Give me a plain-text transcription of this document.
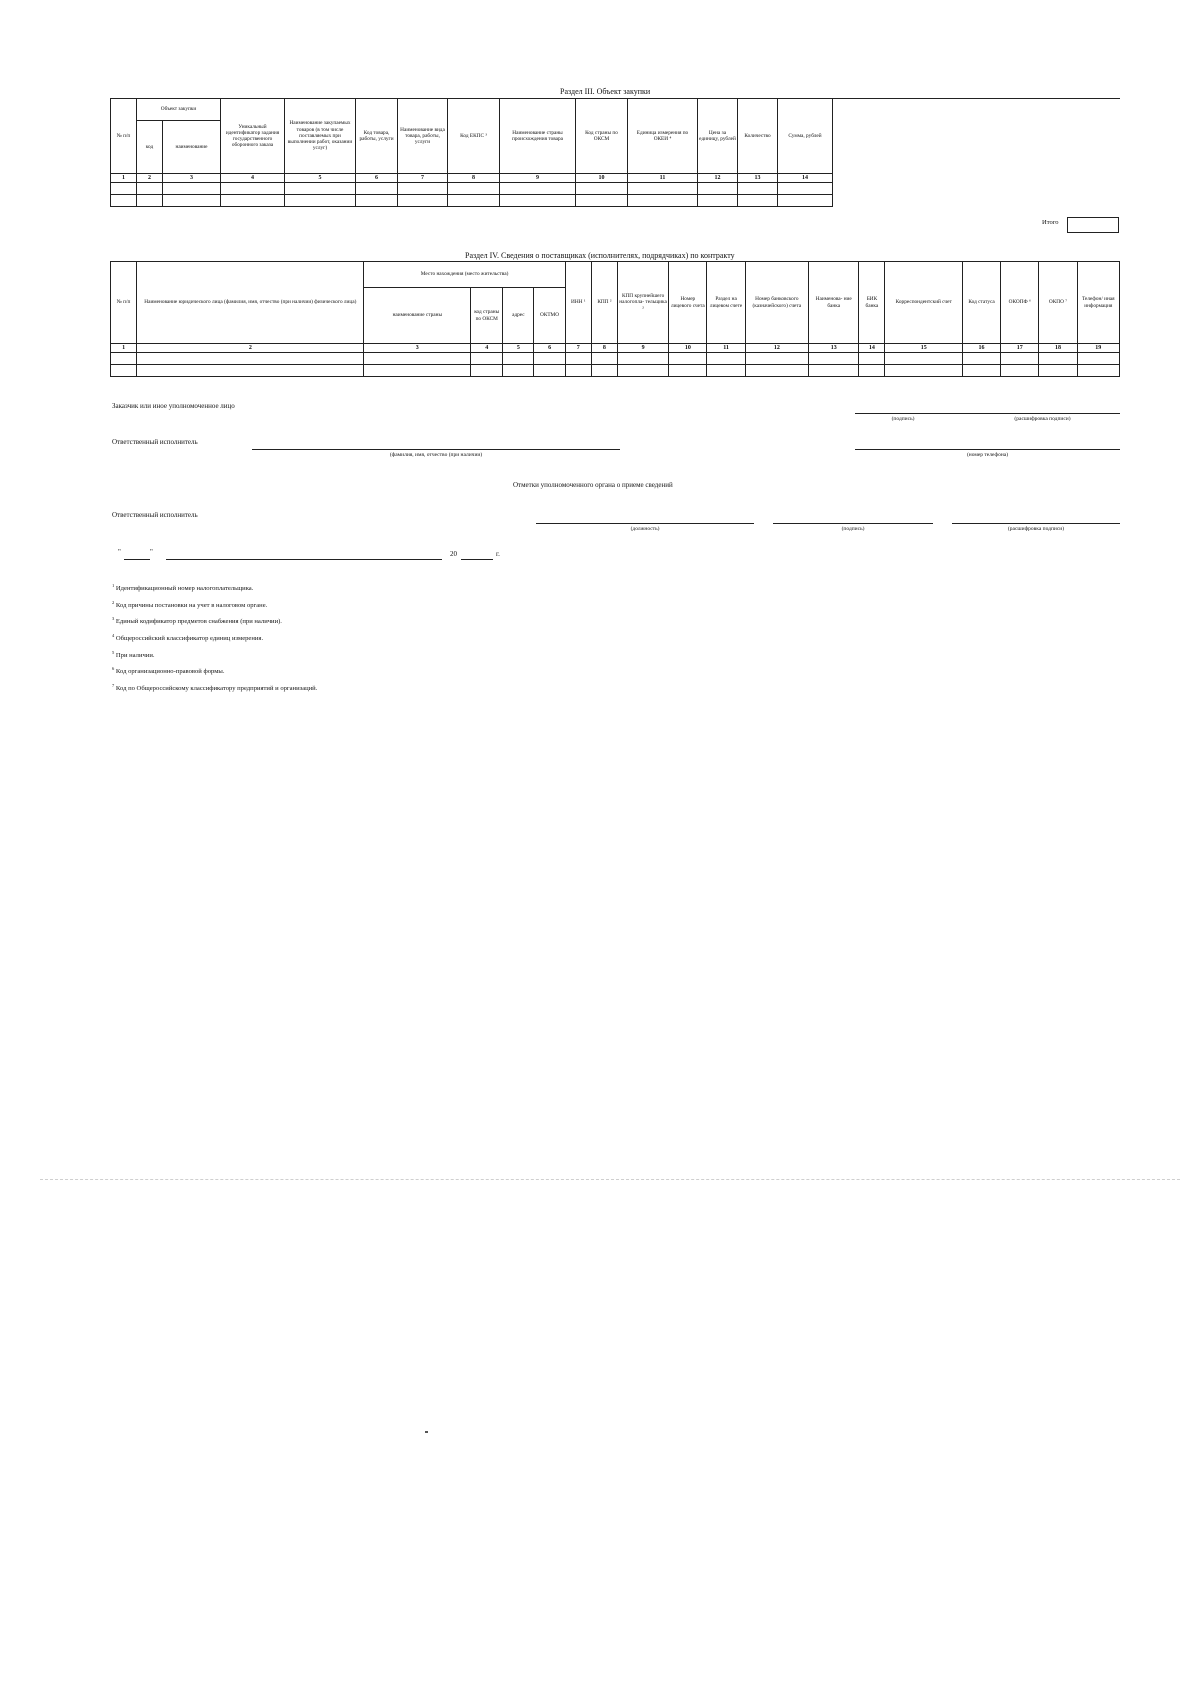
Раздел III. Объект закупки
№ п/п	Объект закупки		Уникальный идентификатор задания государственного оборонного заказа	Наименование закупаемых товаров (в том числе поставляемых при выполнении работ, оказании услуг)	Код товара, работы, услуги	Наименование вида товара, работы, услуги	Код ЕКПС ³	Наименование страны происхождения товара	Код страны по ОКСМ	Единица измерения по ОКЕИ ⁴	Цена за единицу, рублей	Количество	Сумма, рублей
	код	наименование											
1	2	3	4	5	6	7	8	9	10	11	12	13	14

Итого
Раздел IV. Сведения о поставщиках (исполнителях, подрядчиках) по контракту
№ п/п	Наименование юридического лица (фамилия, имя, отчество (при наличии) физического лица)	Место нахождения (место жительства)				ИНН ¹	КПП ²	КПП крупнейшего налогопла- тельщика ²	Номер лицевого счета	Раздел на лицевом счете	Номер банковского (казначейского) счета	Наименова- ние банка	БИК банка	Корреспондентский счет	Код статуса	ОКОПФ ⁶	ОКПО ⁷	Телефон/ иная информация
		наименование страны	код страны по ОКСМ	адрес	ОКТМО													
1	2	3	4	5	6	7	8	9	10	11	12	13	14	15	16	17	18	19

Заказчик или иное уполномоченное лицо
(подпись)	(расшифровка подписи)
Ответственный исполнитель
(фамилия, имя, отчество (при наличии)	(номер телефона)
Отметки уполномоченного органа о приеме сведений
Ответственный исполнитель
(должность)	(подпись)	(расшифровка подписи)
"	"	20	г.
$^1$ Идентификационный номер налогоплательщика.
$^2$ Код причины постановки на учет в налоговом органе.
$^3$ Единый кодификатор предметов снабжения (при наличии).
$^4$ Общероссийский классификатор единиц измерения.
$^5$ При наличии.
$^6$ Код организационно-правовой формы.
$^7$ Код по Общероссийскому классификатору предприятий и организаций.
